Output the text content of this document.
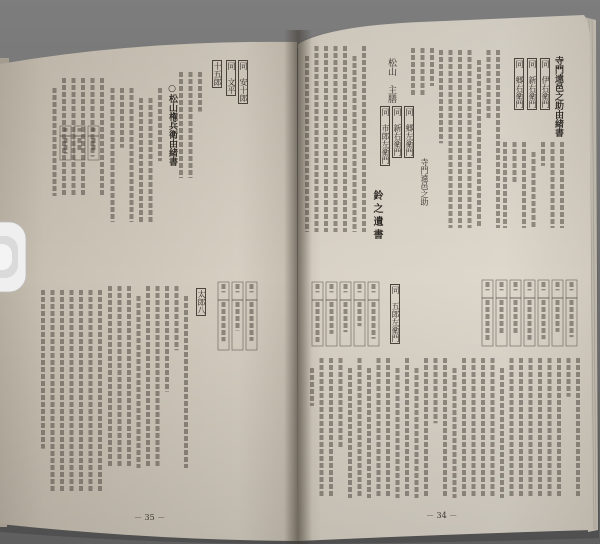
寺門遠邑之助由緒書
同　伊右衛門
同　新右衛門
同　郷右衛門
松山　主膳
同　郷左衛門
同　新右衛門
同　市郎左衛門
寺門遠邑之助
鈴之遺書
同　五郎左衛門
－ 34 －
同　安十郎
同　文平
十五郎
○松山権兵衛由緒書
太郎八
－ 35 －
